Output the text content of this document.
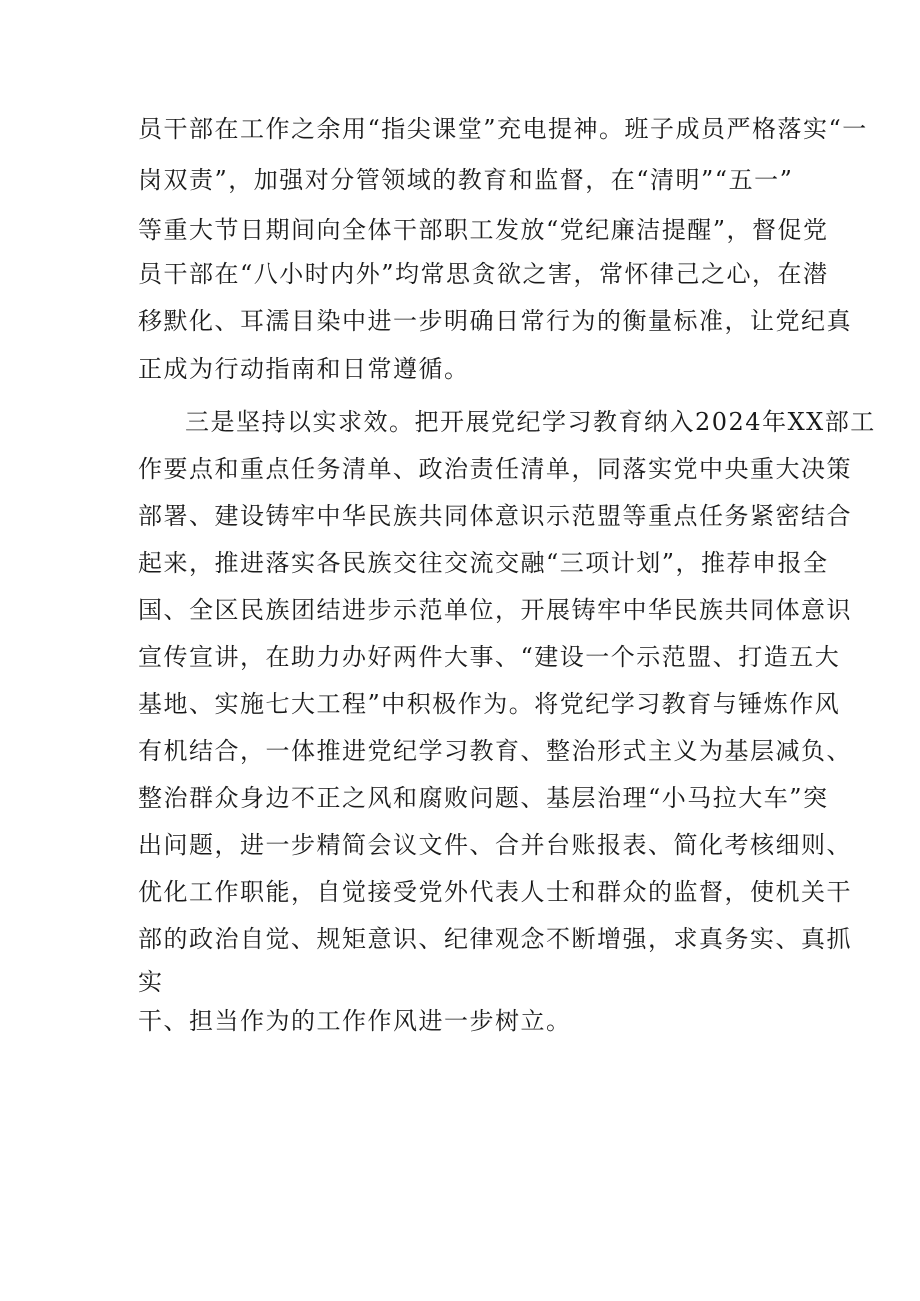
员干部在工作之余用“指尖课堂”充电提神。班子成员严格落实“一
岗双责”，加强对分管领域的教育和监督，在“清明”“五一”
等重大节日期间向全体干部职工发放“党纪廉洁提醒”，督促党
员干部在“八小时内外”均常思贪欲之害，常怀律己之心，在潜
移默化、耳濡目染中进一步明确日常行为的衡量标准，让党纪真
正成为行动指南和日常遵循。
三是坚持以实求效。把开展党纪学习教育纳入2024年XX部工
作要点和重点任务清单、政治责任清单，同落实党中央重大决策
部署、建设铸牢中华民族共同体意识示范盟等重点任务紧密结合
起来，推进落实各民族交往交流交融“三项计划”，推荐申报全
国、全区民族团结进步示范单位，开展铸牢中华民族共同体意识
宣传宣讲，在助力办好两件大事、“建设一个示范盟、打造五大
基地、实施七大工程”中积极作为。将党纪学习教育与锤炼作风
有机结合，一体推进党纪学习教育、整治形式主义为基层减负、
整治群众身边不正之风和腐败问题、基层治理“小马拉大车”突
出问题，进一步精简会议文件、合并台账报表、简化考核细则、
优化工作职能，自觉接受党外代表人士和群众的监督，使机关干
部的政治自觉、规矩意识、纪律观念不断增强，求真务实、真抓
实
干、担当作为的工作作风进一步树立。
